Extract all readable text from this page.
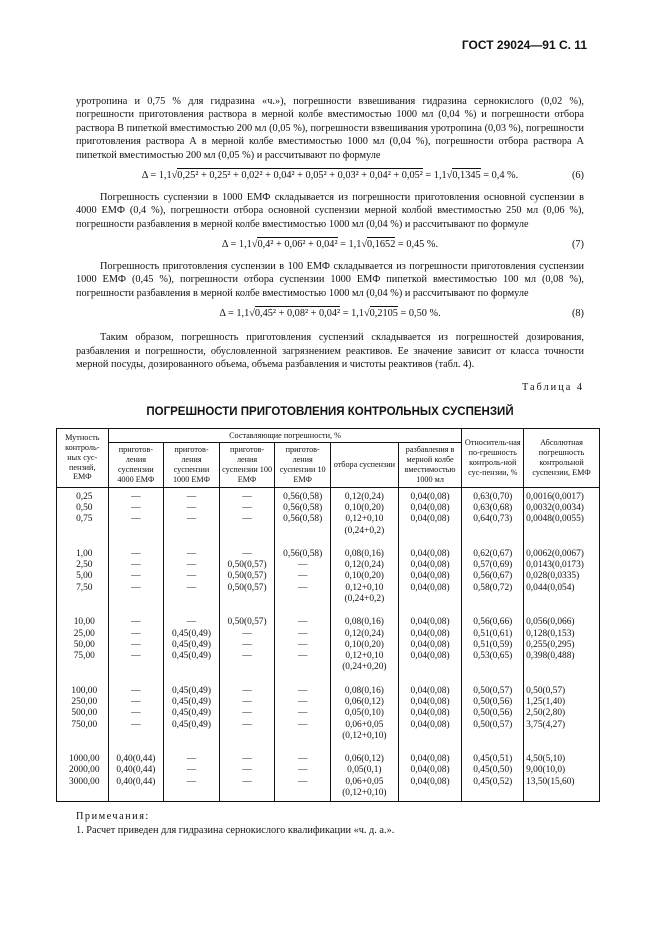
ГОСТ 29024—91 С. 11

уротропина и 0,75 % для гидразина «ч.»), погрешности взвешивания гидразина сернокислого (0,02 %), погрешности приготовления раствора в мерной колбе вместимостью 1000 мл (0,04 %) и погрешности отбора раствора В пипеткой вместимостью 200 мл (0,05 %), погрешности взвешивания уротропина (0,03 %), погрешности приготовления раствора А в мерной колбе вместимостью 1000 мл (0,04 %), погрешности отбора раствора А пипеткой вместимостью 200 мл (0,05 %) и рассчитывают по формуле

Δ = 1,1√0,25² + 0,25² + 0,02² + 0,04² + 0,05² + 0,03² + 0,04² + 0,05² = 1,1√0,1345 = 0,4 %.	(6)

Погрешность суспензии в 1000 ЕМФ складывается из погрешности приготовления основной суспензии в 4000 ЕМФ (0,4 %), погрешности отбора основной суспензии мерной колбой вместимостью 250 мл (0,06 %), погрешности разбавления в мерной колбе вместимостью 1000 мл (0,04 %) и рассчитывают по формуле

Δ = 1,1√0,4² + 0,06² + 0,04² = 1,1√0,1652 = 0,45 %.	(7)

Погрешность приготовления суспензии в 100 ЕМФ складывается из погрешности приготовления суспензии 1000 ЕМФ (0,45 %), погрешности отбора суспензии 1000 ЕМФ пипеткой вместимостью 100 мл (0,08 %), погрешности разбавления в мерной колбе вместимостью 1000 мл (0,04 %) и рассчитывают по формуле

Δ = 1,1√0,45² + 0,08² + 0,04² = 1,1√0,2105 = 0,50 %.	(8)

Таким образом, погрешность приготовления суспензий складывается из погрешностей дозирования, разбавления и погрешности, обусловленной загрязнением реактивов. Ее значение зависит от класса точности мерной посуды, дозированного объема, объема разбавления и чистоты реактивов (табл. 4).

Таблица 4
ПОГРЕШНОСТИ ПРИГОТОВЛЕНИЯ КОНТРОЛЬНЫХ СУСПЕНЗИЙ
Мутность контроль-ных сус-пензий, ЕМФ	Составляющие погрешности, %						Относитель-ная по-грешность контроль-ной сус-пензии, %	Абсолютная погрешность контрольной суспензии, ЕМФ
	приготов-ления суспензии 4000 ЕМФ	приготов-ления суспензии 1000 ЕМФ	приготов-ления суспензии 100 ЕМФ	приготов-ления суспензии 10 ЕМФ	отбора суспензии	разбавления в мерной колбе вместимостью 1000 мл		
0,25	—	—	—	0,56(0,58)	0,12(0,24)	0,04(0,08)	0,63(0,70)	0,0016(0,0017)
0,50	—	—	—	0,56(0,58)	0,10(0,20)	0,04(0,08)	0,63(0,68)	0,0032(0,0034)
0,75	—	—	—	0,56(0,58)	0,12+0,10
(0,24+0,2)	0,04(0,08)	0,64(0,73)	0,0048(0,0055)

1,00	—	—	—	0,56(0,58)	0,08(0,16)	0,04(0,08)	0,62(0,67)	0,0062(0,0067)
2,50	—	—	0,50(0,57)	—	0,12(0,24)	0,04(0,08)	0,57(0,69)	0,0143(0,0173)
5,00	—	—	0,50(0,57)	—	0,10(0,20)	0,04(0,08)	0,56(0,67)	0,028(0,0335)
7,50	—	—	0,50(0,57)	—	0,12+0,10
(0,24+0,2)	0,04(0,08)	0,58(0,72)	0,044(0,054)

10,00	—	—	0,50(0,57)	—	0,08(0,16)	0,04(0,08)	0,56(0,66)	0,056(0,066)
25,00	—	0,45(0,49)	—	—	0,12(0,24)	0,04(0,08)	0,51(0,61)	0,128(0,153)
50,00	—	0,45(0,49)	—	—	0,10(0,20)	0,04(0,08)	0,51(0,59)	0,255(0,295)
75,00	—	0,45(0,49)	—	—	0,12+0,10
(0,24+0,20)	0,04(0,08)	0,53(0,65)	0,398(0,488)

100,00	—	0,45(0,49)	—	—	0,08(0,16)	0,04(0,08)	0,50(0,57)	0,50(0,57)
250,00	—	0,45(0,49)	—	—	0,06(0,12)	0,04(0,08)	0,50(0,56)	1,25(1,40)
500,00	—	0,45(0,49)	—	—	0,05(0,10)	0,04(0,08)	0,50(0,56)	2,50(2,80)
750,00	—	0,45(0,49)	—	—	0,06+0,05
(0,12+0,10)	0,04(0,08)	0,50(0,57)	3,75(4,27)

1000,00	0,40(0,44)	—	—	—	0,06(0,12)	0,04(0,08)	0,45(0,51)	4,50(5,10)
2000,00	0,40(0,44)	—	—	—	0,05(0,1)	0,04(0,08)	0,45(0,50)	9,00(10,0)
3000,00	0,40(0,44)	—	—	—	0,06+0,05
(0,12+0,10)	0,04(0,08)	0,45(0,52)	13,50(15,60)
Примечания:
1. Расчет приведен для гидразина сернокислого квалификации «ч. д. а.».
